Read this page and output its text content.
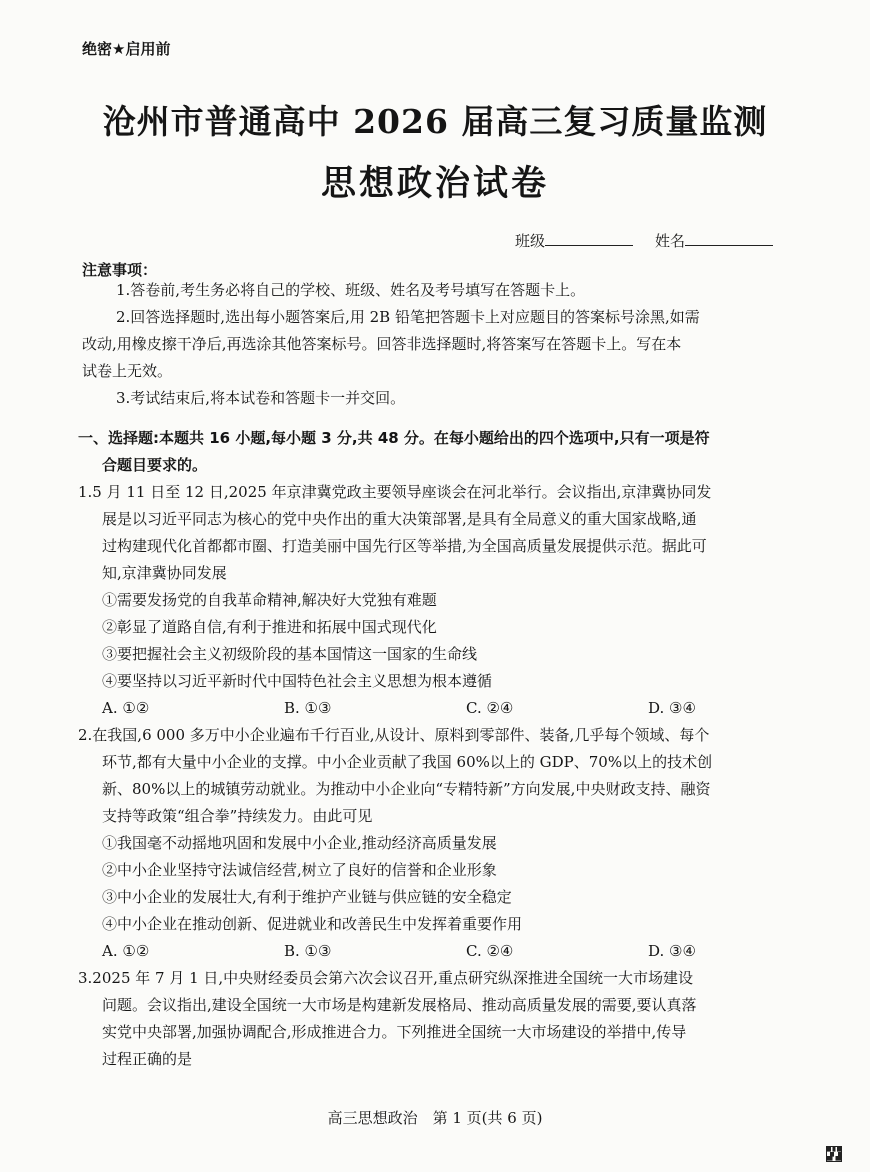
绝密★启用前
沧州市普通高中 2026 届高三复习质量监测
思想政治试卷
班级	姓名
注意事项：
1.答卷前,考生务必将自己的学校、班级、姓名及考号填写在答题卡上。
2.回答选择题时,选出每小题答案后,用 2B 铅笔把答题卡上对应题目的答案标号涂黑,如需
改动,用橡皮擦干净后,再选涂其他答案标号。回答非选择题时,将答案写在答题卡上。写在本
试卷上无效。
3.考试结束后,将本试卷和答题卡一并交回。
一、选择题:本题共 16 小题,每小题 3 分,共 48 分。在每小题给出的四个选项中,只有一项是符
合题目要求的。
1.5 月 11 日至 12 日,2025 年京津冀党政主要领导座谈会在河北举行。会议指出,京津冀协同发
展是以习近平同志为核心的党中央作出的重大决策部署,是具有全局意义的重大国家战略,通
过构建现代化首都都市圈、打造美丽中国先行区等举措,为全国高质量发展提供示范。据此可
知,京津冀协同发展
①需要发扬党的自我革命精神,解决好大党独有难题
②彰显了道路自信,有利于推进和拓展中国式现代化
③要把握社会主义初级阶段的基本国情这一国家的生命线
④要坚持以习近平新时代中国特色社会主义思想为根本遵循
A. ①②	B. ①③	C. ②④	D. ③④
2.在我国,6 000 多万中小企业遍布千行百业,从设计、原料到零部件、装备,几乎每个领域、每个
环节,都有大量中小企业的支撑。中小企业贡献了我国 60%以上的 GDP、70%以上的技术创
新、80%以上的城镇劳动就业。为推动中小企业向“专精特新”方向发展,中央财政支持、融资
支持等政策“组合拳”持续发力。由此可见
①我国毫不动摇地巩固和发展中小企业,推动经济高质量发展
②中小企业坚持守法诚信经营,树立了良好的信誉和企业形象
③中小企业的发展壮大,有利于维护产业链与供应链的安全稳定
④中小企业在推动创新、促进就业和改善民生中发挥着重要作用
A. ①②	B. ①③	C. ②④	D. ③④
3.2025 年 7 月 1 日,中央财经委员会第六次会议召开,重点研究纵深推进全国统一大市场建设
问题。会议指出,建设全国统一大市场是构建新发展格局、推动高质量发展的需要,要认真落
实党中央部署,加强协调配合,形成推进合力。下列推进全国统一大市场建设的举措中,传导
过程正确的是
高三思想政治　第 1 页(共 6 页)
